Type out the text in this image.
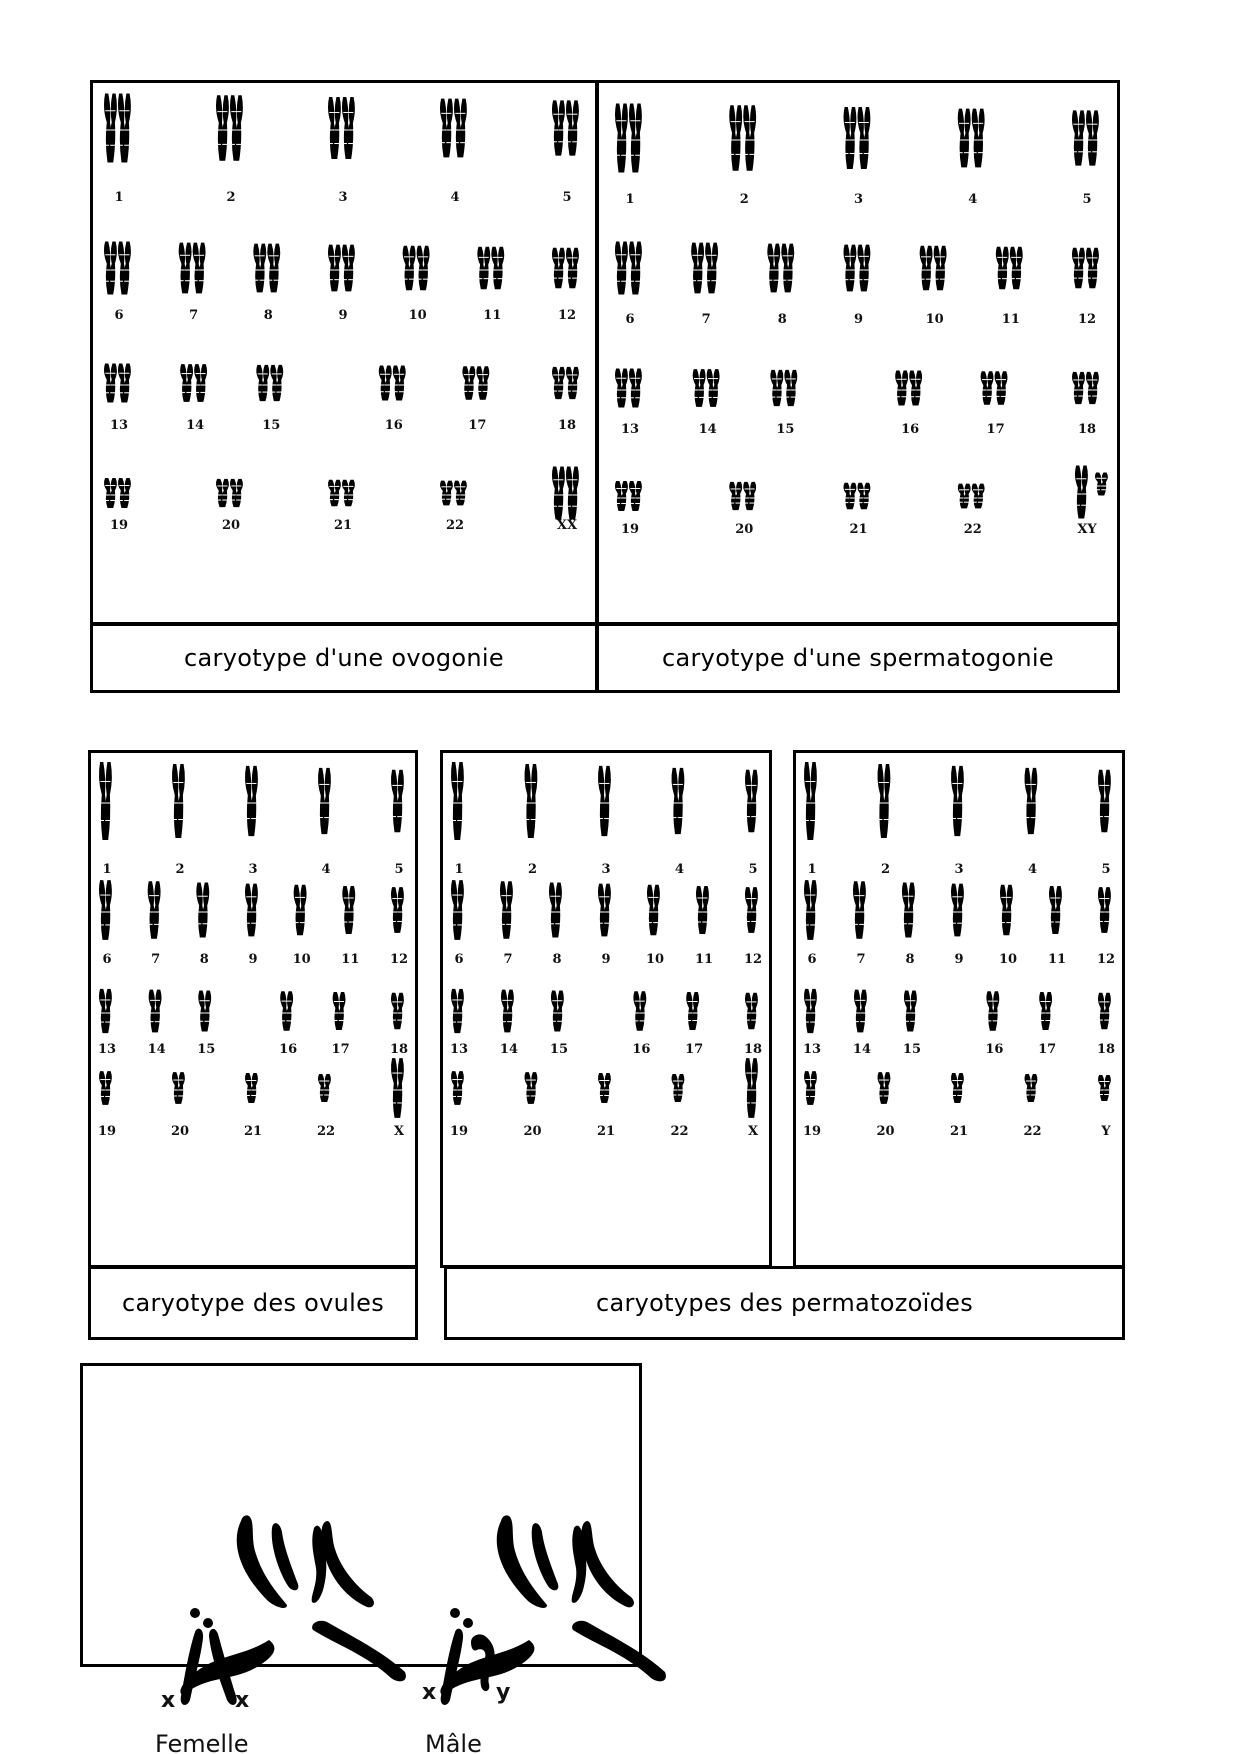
1	2	3	4	5
6	7	8	9	10	11	12
13	14	15	16	17	18
19	20	21	22	XX
1	2	3	4	5
6	7	8	9	10	11	12
13	14	15	16	17	18
19	20	21	22	XY
caryotype d'une ovogonie	caryotype d'une spermatogonie
1	2	3	4	5
6	7	8	9	10 11 12
13 14 15	16	17	18
19	20	21	22	X
1	2	3	4	5
6	7	8	9	10 11 12
13 14 15	16	17	18
19	20	21	22	X
1	2	3	4	5
6	7	8	9	10 11 12
13 14 15	16	17	18
19	20	21	22	Y
caryotype des ovules	caryotypes des permatozoïdes
x	x
Femelle
x	y
Mâle
